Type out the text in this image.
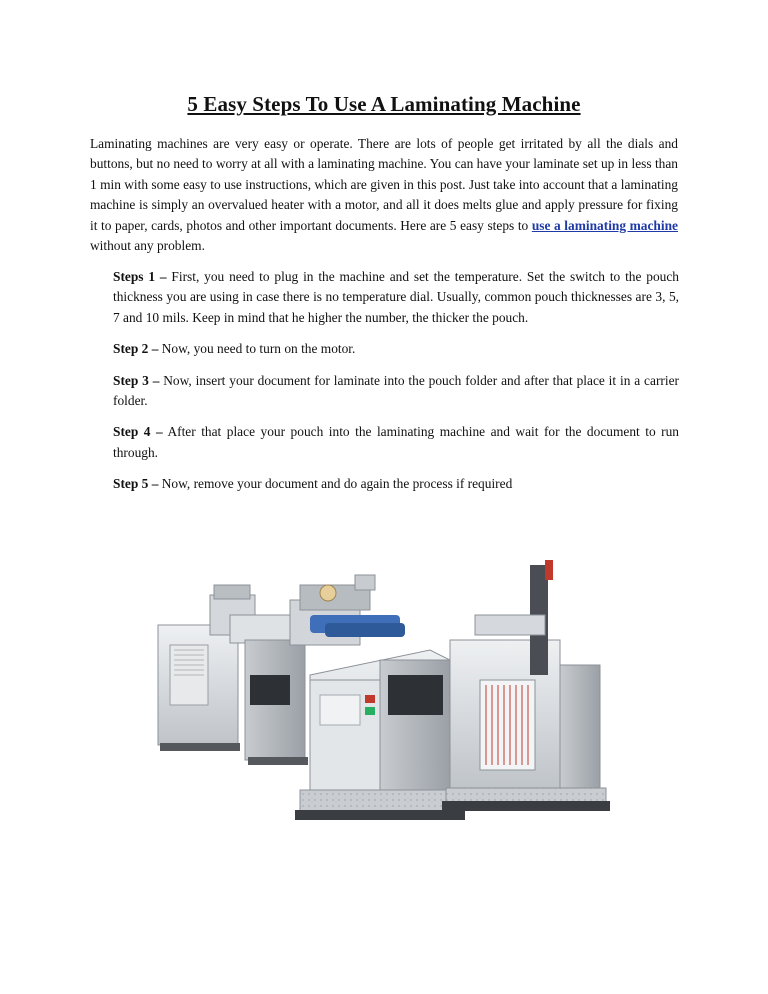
5 Easy Steps To Use A Laminating Machine

Laminating machines are very easy or operate. There are lots of people get irritated by all the dials and buttons, but no need to worry at all with a laminating machine. You can have your laminate set up in less than 1 min with some easy to use instructions, which are given in this post. Just take into account that a laminating machine is simply an overvalued heater with a motor, and all it does melts glue and apply pressure for fixing it to paper, cards, photos and other important documents. Here are 5 easy steps to use a laminating machine without any problem.

Steps 1 – First, you need to plug in the machine and set the temperature. Set the switch to the pouch thickness you are using in case there is no temperature dial. Usually, common pouch thicknesses are 3, 5, 7 and 10 mils. Keep in mind that he higher the number, the thicker the pouch.

Step 2 – Now, you need to turn on the motor.

Step 3 – Now, insert your document for laminate into the pouch folder and after that place it in a carrier folder.

Step 4 – After that place your pouch into the laminating machine and wait for the document to run through.

Step 5 – Now, remove your document and do again the process if required
